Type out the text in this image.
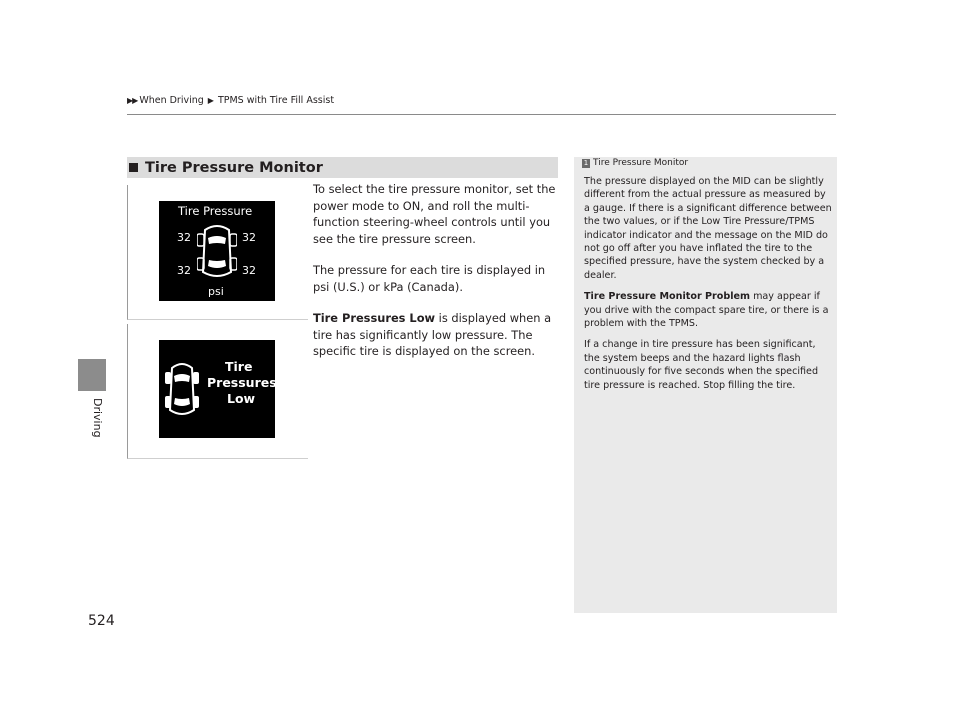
▶▶ When Driving ▶ TPMS with Tire Fill Assist
Driving
524
Tire Pressure Monitor
Tire Pressure
32	32
32	32
psi
Tire
Pressures
Low

To select the tire pressure monitor, set the power mode to ON, and roll the multi-function steering-wheel controls until you see the tire pressure screen.

The pressure for each tire is displayed in psi (U.S.) or kPa (Canada).

Tire Pressures Low is displayed when a tire has significantly low pressure. The specific tire is displayed on the screen.

1 Tire Pressure Monitor

The pressure displayed on the MID can be slightly different from the actual pressure as measured by a gauge. If there is a significant difference between the two values, or if the Low Tire Pressure/TPMS indicator indicator and the message on the MID do not go off after you have inflated the tire to the specified pressure, have the system checked by a dealer.

Tire Pressure Monitor Problem may appear if you drive with the compact spare tire, or there is a problem with the TPMS.

If a change in tire pressure has been significant, the system beeps and the hazard lights flash continuously for five seconds when the specified tire pressure is reached. Stop filling the tire.
